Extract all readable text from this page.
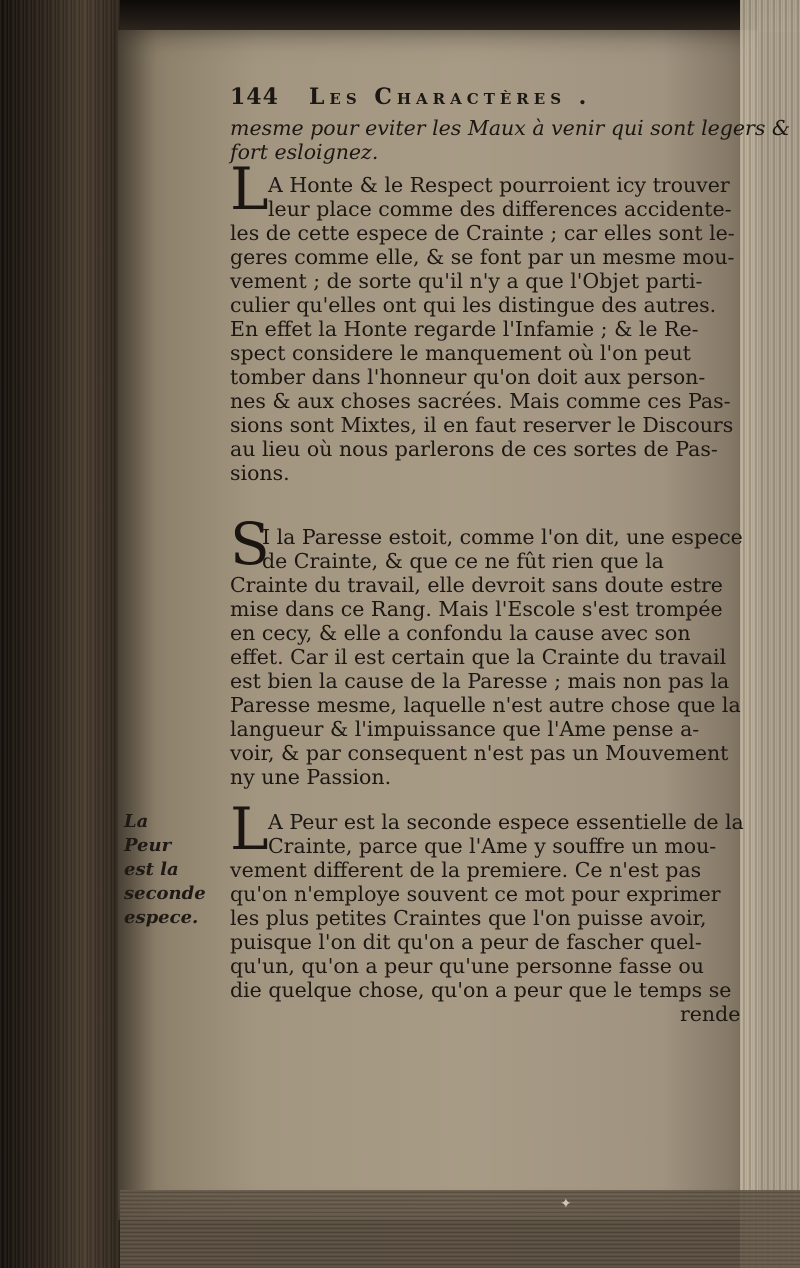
La
Peur
est la
seconde
espece.
144 Les Charactères .
mesme pour eviter les Maux à venir qui sont legers &
fort esloignez.
L A Honte & le Respect pourroient icy trouver
leur place comme des differences accidente-
les de cette espece de Crainte ; car elles sont le-
geres comme elle, & se font par un mesme mou-
vement ; de sorte qu'il n'y a que l'Objet parti-
culier qu'elles ont qui les distingue des autres.
En effet la Honte regarde l'Infamie ; & le Re-
spect considere le manquement où l'on peut
tomber dans l'honneur qu'on doit aux person-
nes & aux choses sacrées. Mais comme ces Pas-
sions sont Mixtes, il en faut reserver le Discours
au lieu où nous parlerons de ces sortes de Pas-
sions.
S
I la Paresse estoit, comme l'on dit, une espece
de Crainte, & que ce ne fût rien que la
Crainte du travail, elle devroit sans doute estre
mise dans ce Rang. Mais l'Escole s'est trompée
en cecy, & elle a confondu la cause avec son
effet. Car il est certain que la Crainte du travail
est bien la cause de la Paresse ; mais non pas la
Paresse mesme, laquelle n'est autre chose que la
langueur & l'impuissance que l'Ame pense a-
voir, & par consequent n'est pas un Mouvement
ny une Passion.
L A Peur est la seconde espece essentielle de la
Crainte, parce que l'Ame y souffre un mou-
vement different de la premiere. Ce n'est pas
qu'on n'employe souvent ce mot pour exprimer
les plus petites Craintes que l'on puisse avoir,
puisque l'on dit qu'on a peur de fascher quel-
qu'un, qu'on a peur qu'une personne fasse ou
die quelque chose, qu'on a peur que le temps se
rende
✦
